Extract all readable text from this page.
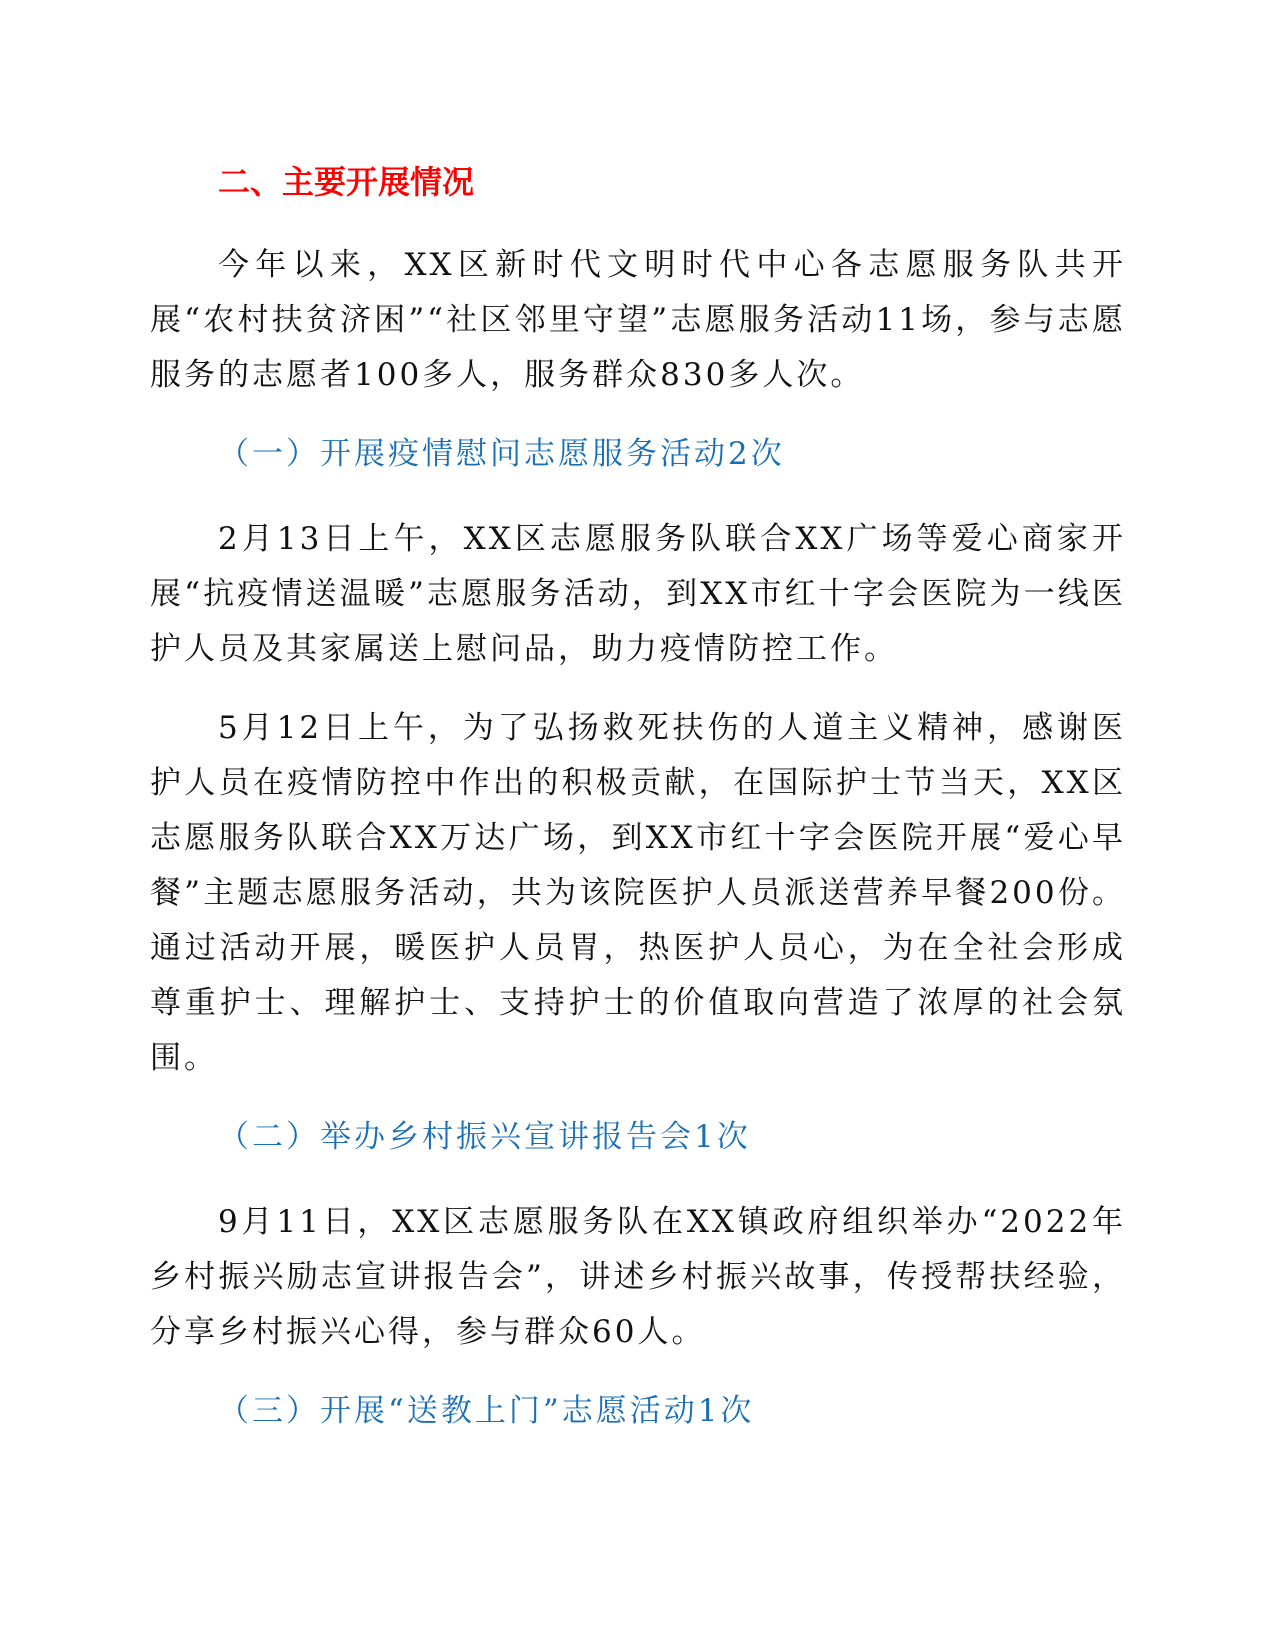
二、主要开展情况

今年以来，XX区新时代文明时代中心各志愿服务队共开展“农村扶贫济困”“社区邻里守望”志愿服务活动11场，参与志愿服务的志愿者100多人，服务群众830多人次。

（一）开展疫情慰问志愿服务活动2次

2月13日上午，XX区志愿服务队联合XX广场等爱心商家开展“抗疫情送温暖”志愿服务活动，到XX市红十字会医院为一线医护人员及其家属送上慰问品，助力疫情防控工作。

5月12日上午，为了弘扬救死扶伤的人道主义精神，感谢医护人员在疫情防控中作出的积极贡献，在国际护士节当天，XX区志愿服务队联合XX万达广场，到XX市红十字会医院开展“爱心早餐”主题志愿服务活动，共为该院医护人员派送营养早餐200份。通过活动开展，暖医护人员胃，热医护人员心，为在全社会形成尊重护士、理解护士、支持护士的价值取向营造了浓厚的社会氛围。

（二）举办乡村振兴宣讲报告会1次

9月11日，XX区志愿服务队在XX镇政府组织举办“2022年乡村振兴励志宣讲报告会”，讲述乡村振兴故事，传授帮扶经验，分享乡村振兴心得，参与群众60人。

（三）开展“送教上门”志愿活动1次
